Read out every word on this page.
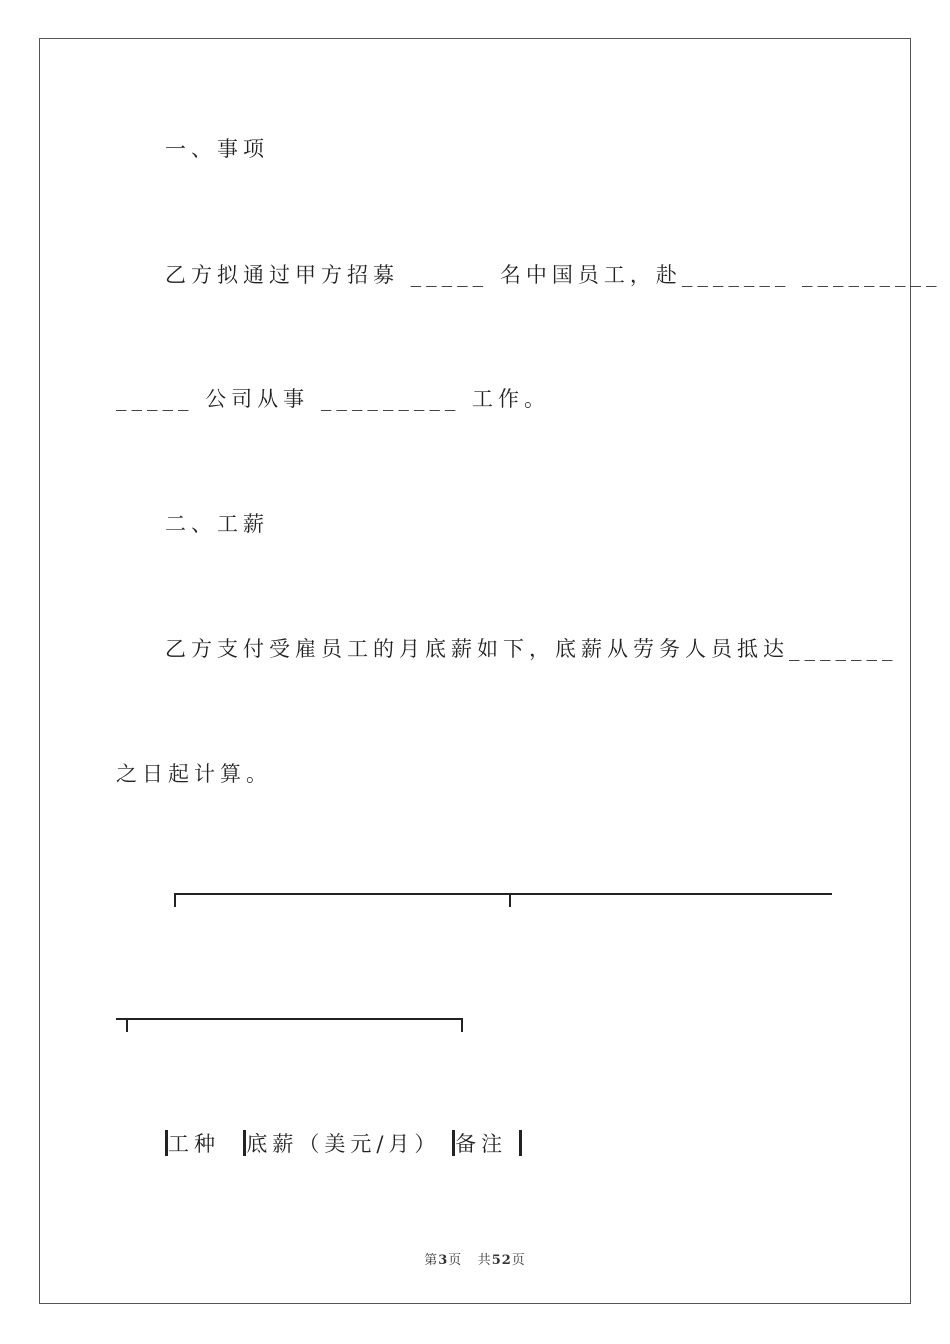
一、事项
乙方拟通过甲方招募 _____ 名中国员工，赴_______ _________
_____ 公司从事 _________ 工作。
二、工薪
乙方支付受雇员工的月底薪如下，底薪从劳务人员抵达_______
之日起计算。
工种 底薪（美元/月） 备注
第3页 共52页
